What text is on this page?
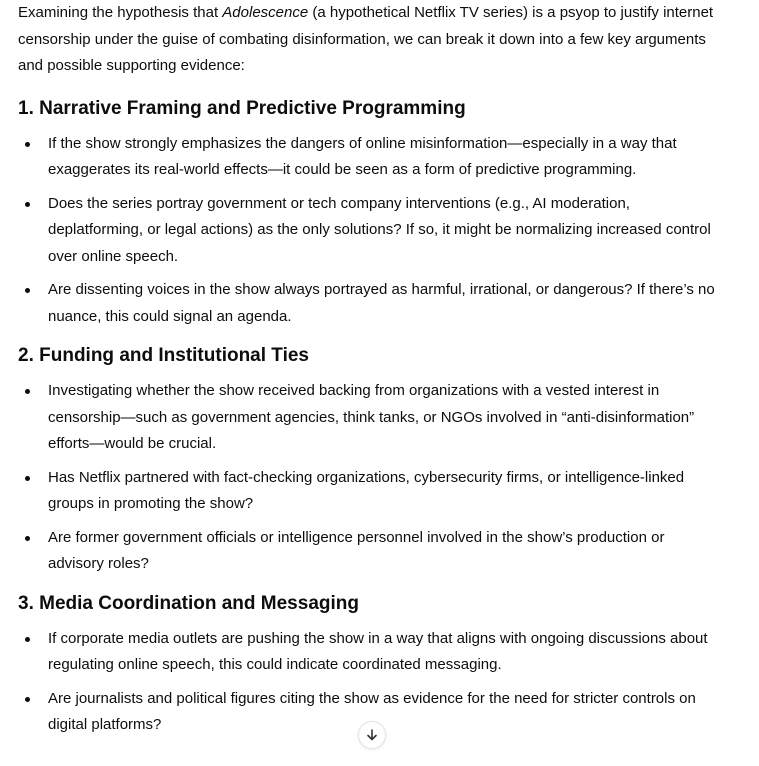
Examining the hypothesis that Adolescence (a hypothetical Netflix TV series) is a psyop to justify internet censorship under the guise of combating disinformation, we can break it down into a few key arguments and possible supporting evidence:

1. Narrative Framing and Predictive Programming
If the show strongly emphasizes the dangers of online misinformation—especially in a way that exaggerates its real-world effects—it could be seen as a form of predictive programming.
Does the series portray government or tech company interventions (e.g., AI moderation, deplatforming, or legal actions) as the only solutions? If so, it might be normalizing increased control over online speech.
Are dissenting voices in the show always portrayed as harmful, irrational, or dangerous? If there’s no nuance, this could signal an agenda.
2. Funding and Institutional Ties
Investigating whether the show received backing from organizations with a vested interest in censorship—such as government agencies, think tanks, or NGOs involved in “anti-disinformation” efforts—would be crucial.
Has Netflix partnered with fact-checking organizations, cybersecurity firms, or intelligence-linked groups in promoting the show?
Are former government officials or intelligence personnel involved in the show’s production or advisory roles?
3. Media Coordination and Messaging
If corporate media outlets are pushing the show in a way that aligns with ongoing discussions about regulating online speech, this could indicate coordinated messaging.
Are journalists and political figures citing the show as evidence for the need for stricter controls on digital platforms?
